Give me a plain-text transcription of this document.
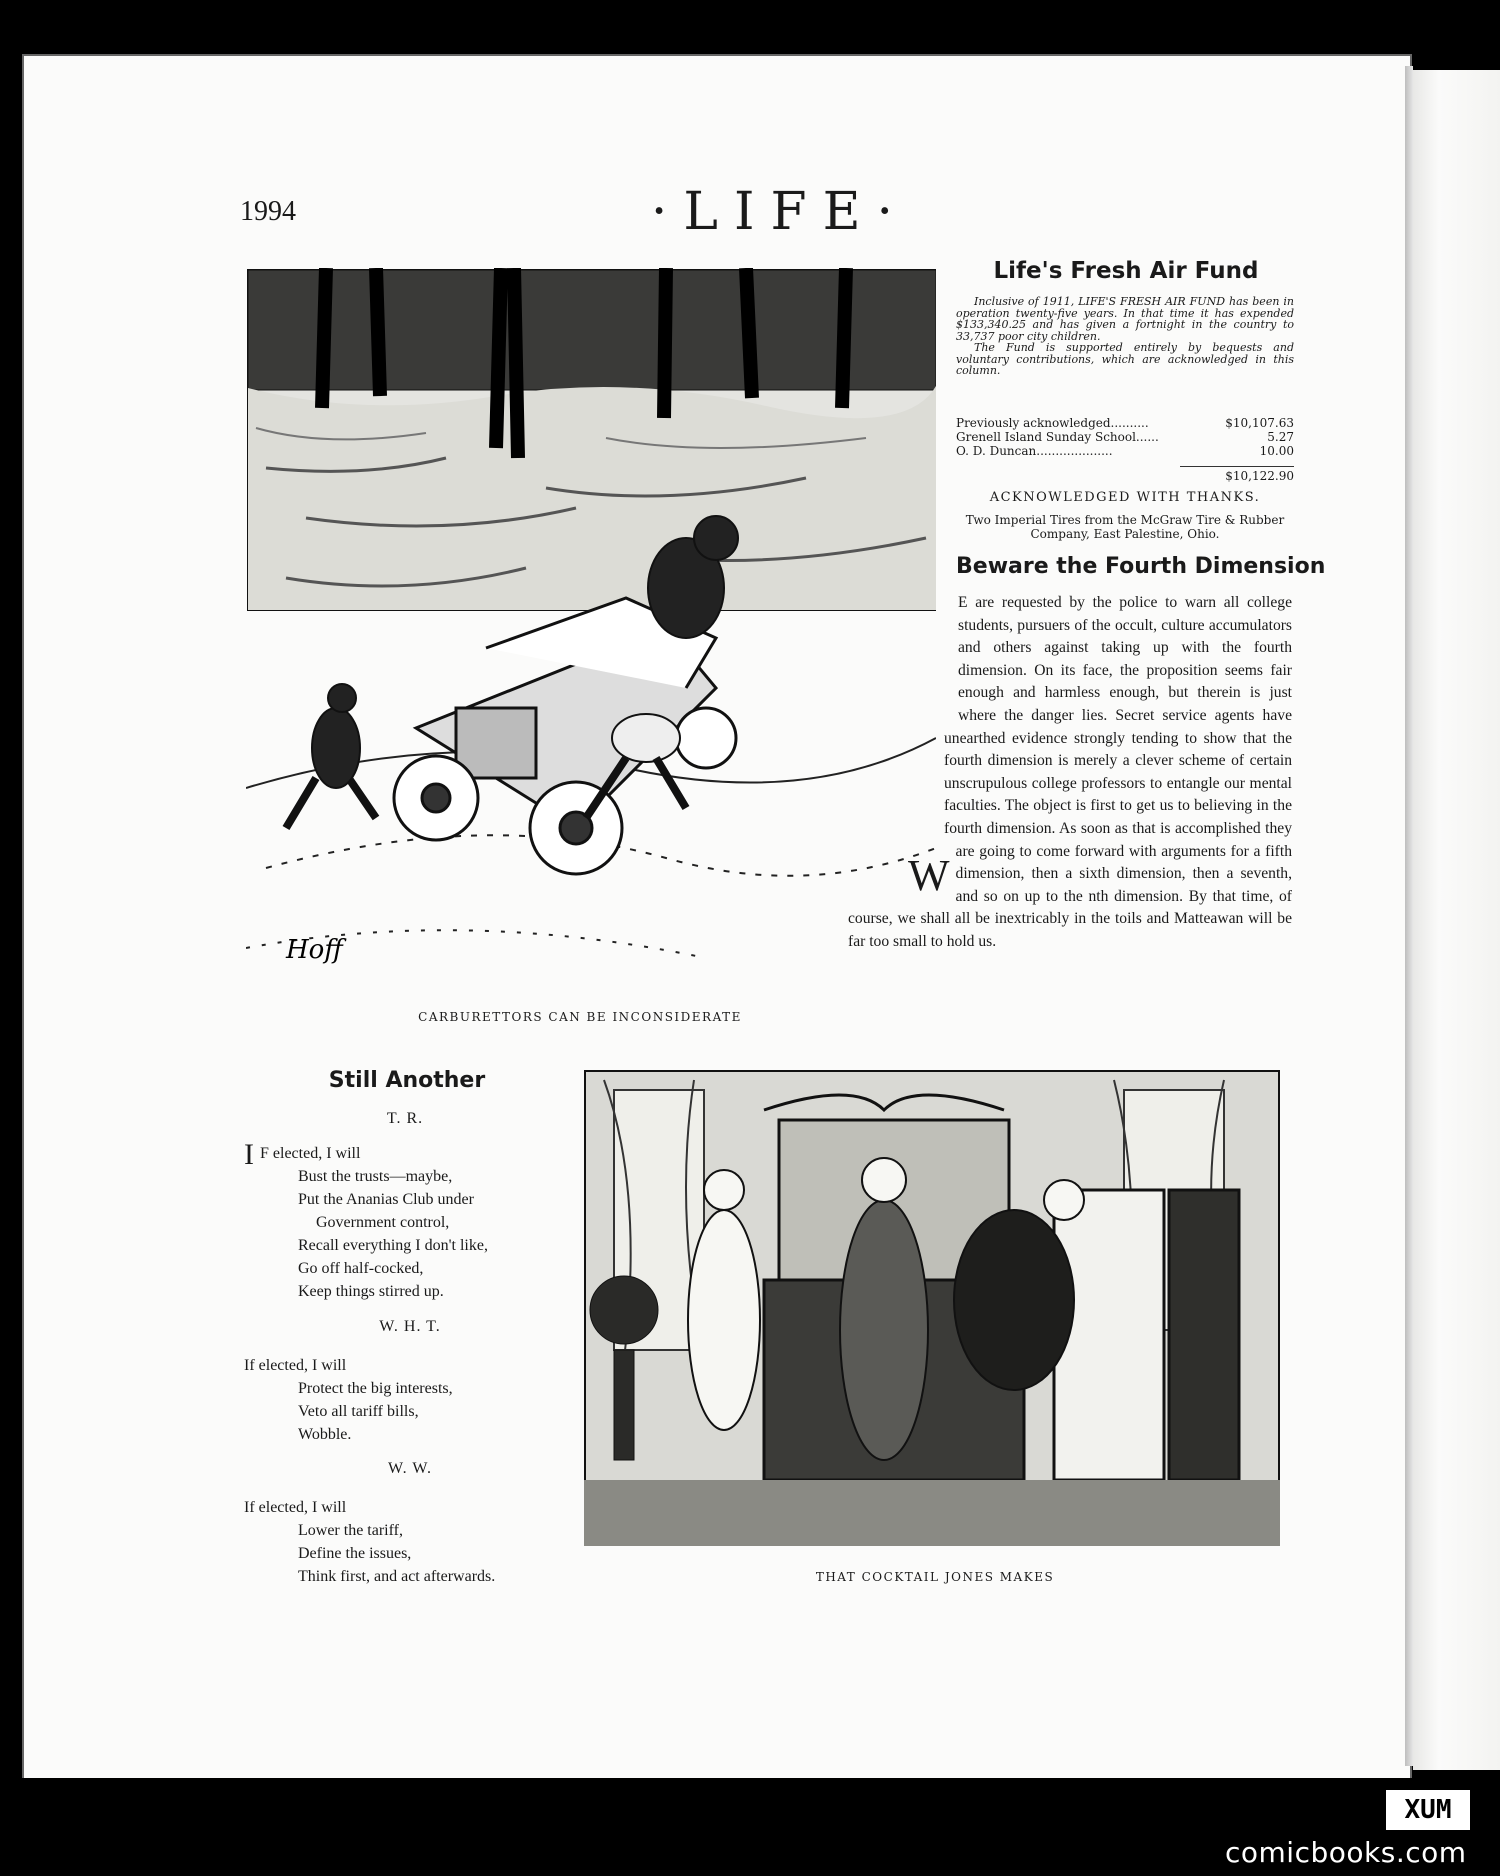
1994	·LIFE·
Hoff
CARBURETTORS CAN BE INCONSIDERATE
Life's Fresh Air Fund

Inclusive of 1911, LIFE'S FRESH AIR FUND has been in operation twenty-five years. In that time it has expended $133,340.25 and has given a fortnight in the country to 33,737 poor city children.

The Fund is supported entirely by bequests and voluntary contributions, which are acknowledged in this column.

Previously acknowledged..........	$10,107.63
Grenell Island Sunday School......	5.27
O. D. Duncan....................	10.00
$10,122.90
ACKNOWLEDGED WITH THANKS.
Two Imperial Tires from the McGraw Tire & Rubber Company, East Palestine, Ohio.
Beware the Fourth Dimension
W
E are requested by the police to warn all college students, pursuers of the occult, culture accumulators and others against taking up with the fourth dimension. On its face, the proposition seems fair enough and harmless enough, but therein is just where the danger lies. Secret service agents have unearthed evidence strongly tending to show that the fourth dimension is merely a clever scheme of certain unscrupulous college professors to entangle our mental faculties. The object is first to get us to believing in the fourth dimension. As soon as that is accomplished they are going to come forward with arguments for a fifth dimension, then a sixth dimension, then a seventh, and so on up to the nth dimension. By that time, of course, we shall all be inextricably in the toils and Matteawan will be far too small to hold us.
Still Another
T. R.
I F elected, I will
Bust the trusts—maybe,
Put the Ananias Club under
Government control,
Recall everything I don't like,
Go off half-cocked,
Keep things stirred up.
W. H. T.
If elected, I will
Protect the big interests,
Veto all tariff bills,
Wobble.
W. W.
If elected, I will
Lower the tariff,
Define the issues,
Think first, and act afterwards.	THAT COCKTAIL JONES MAKES
XUM
comicbooks.com
